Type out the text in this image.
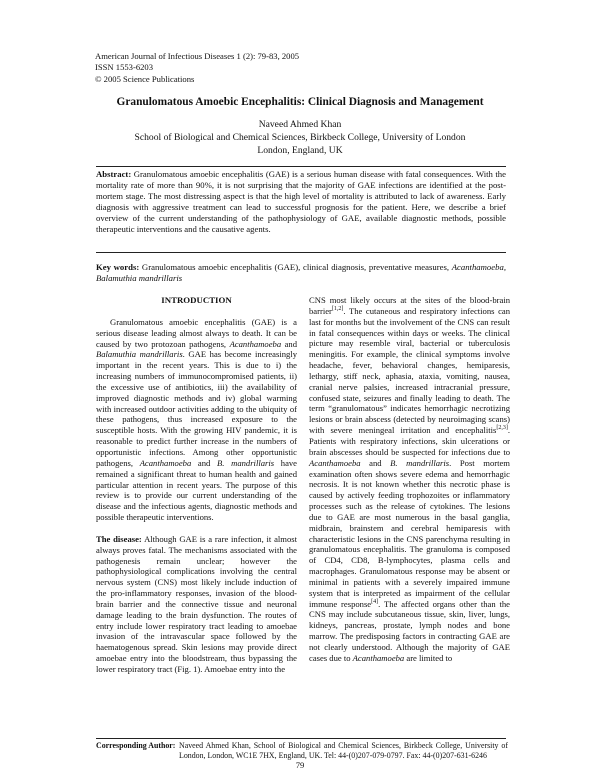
American Journal of Infectious Diseases 1 (2): 79-83, 2005
ISSN 1553-6203
© 2005 Science Publications
Granulomatous Amoebic Encephalitis: Clinical Diagnosis and Management
Naveed Ahmed Khan
School of Biological and Chemical Sciences, Birkbeck College, University of London
London, England, UK

Abstract: Granulomatous amoebic encephalitis (GAE) is a serious human disease with fatal consequences. With the mortality rate of more than 90%, it is not surprising that the majority of GAE infections are identified at the post-mortem stage. The most distressing aspect is that the high level of mortality is attributed to lack of awareness. Early diagnosis with aggressive treatment can lead to successful prognosis for the patient. Here, we describe a brief overview of the current understanding of the pathophysiology of GAE, available diagnostic methods, possible therapeutic interventions and the causative agents.

Key words: Granulomatous amoebic encephalitis (GAE), clinical diagnosis, preventative measures, Acanthamoeba, Balamuthia mandrillaris

INTRODUCTION

Granulomatous amoebic encephalitis (GAE) is a serious disease leading almost always to death. It can be caused by two protozoan pathogens, Acanthamoeba and Balamuthia mandrillaris. GAE has become increasingly important in the recent years. This is due to i) the increasing numbers of immunocompromised patients, ii) the excessive use of antibiotics, iii) the availability of improved diagnostic methods and iv) global warming with increased outdoor activities adding to the ubiquity of these pathogens, thus increased exposure to the susceptible hosts. With the growing HIV pandemic, it is reasonable to predict further increase in the numbers of opportunistic infections. Among other opportunistic pathogens, Acanthamoeba and B. mandrillaris have remained a significant threat to human health and gained particular attention in recent years. The purpose of this review is to provide our current understanding of the disease and the infectious agents, diagnostic methods and possible therapeutic interventions.

The disease: Although GAE is a rare infection, it almost always proves fatal. The mechanisms associated with the pathogenesis remain unclear; however the pathophysiological complications involving the central nervous system (CNS) most likely include induction of the pro-inflammatory responses, invasion of the blood-brain barrier and the connective tissue and neuronal damage leading to the brain dysfunction. The routes of entry include lower respiratory tract leading to amoebae invasion of the intravascular space followed by the haematogenous spread. Skin lesions may provide direct amoebae entry into the bloodstream, thus bypassing the lower respiratory tract (Fig. 1). Amoebae entry into the

CNS most likely occurs at the sites of the blood-brain barrier[1,2]. The cutaneous and respiratory infections can last for months but the involvement of the CNS can result in fatal consequences within days or weeks. The clinical picture may resemble viral, bacterial or tuberculosis meningitis. For example, the clinical symptoms involve headache, fever, behavioral changes, hemiparesis, lethargy, stiff neck, aphasia, ataxia, vomiting, nausea, cranial nerve palsies, increased intracranial pressure, confused state, seizures and finally leading to death. The term “granulomatous” indicates hemorrhagic necrotizing lesions or brain abscess (detected by neuroimaging scans) with severe meningeal irritation and encephalitis[2,3]. Patients with respiratory infections, skin ulcerations or brain abscesses should be suspected for infections due to Acanthamoeba and B. mandrillaris. Post mortem examination often shows severe edema and hemorrhagic necrosis. It is not known whether this necrotic phase is caused by actively feeding trophozoites or inflammatory processes such as the release of cytokines. The lesions due to GAE are most numerous in the basal ganglia, midbrain, brainstem and cerebral hemiparesis with characteristic lesions in the CNS parenchyma resulting in granulomatous encephalitis. The granuloma is composed of CD4, CD8, B-lymphocytes, plasma cells and macrophages. Granulomatous response may be absent or minimal in patients with a severely impaired immune system that is interpreted as impairment of the cellular immune response[4]. The affected organs other than the CNS may include subcutaneous tissue, skin, liver, lungs, kidneys, pancreas, prostate, lymph nodes and bone marrow. The predisposing factors in contracting GAE are not clearly understood. Although the majority of GAE cases due to Acanthamoeba are limited to

Corresponding Author: Naveed Ahmed Khan, School of Biological and Chemical Sciences, Birkbeck College, University of London, London, WC1E 7HX, England, UK. Tel: 44-(0)207-079-0797. Fax: 44-(0)207-631-6246
79
